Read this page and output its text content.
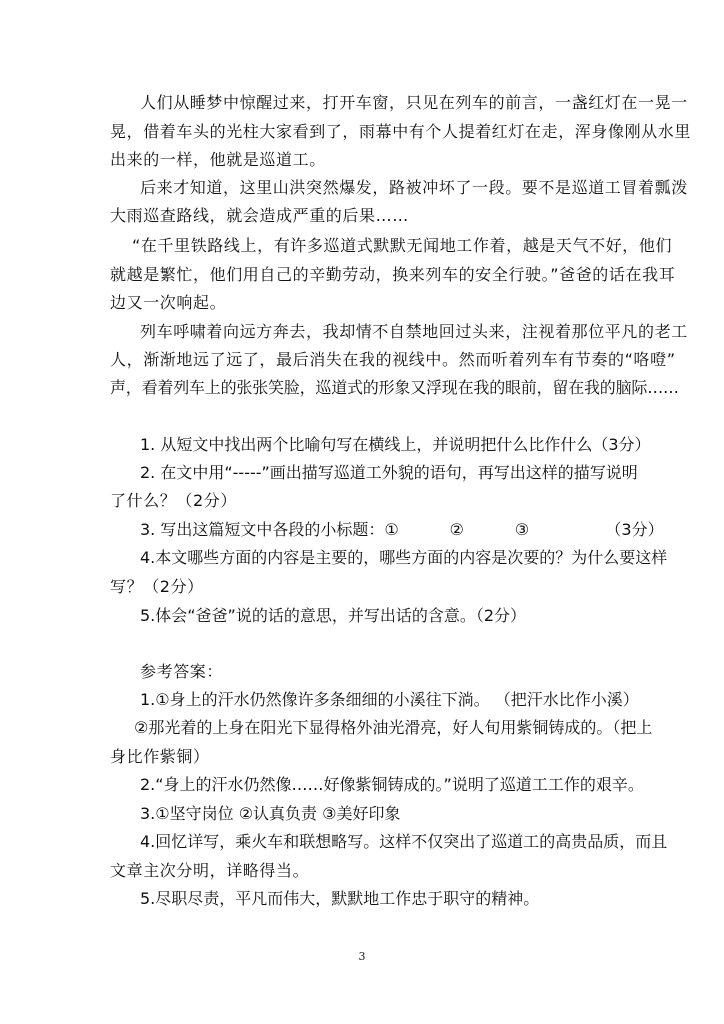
人们从睡梦中惊醒过来，打开车窗，只见在列车的前言，一盏红灯在一晃一
晃，借着车头的光柱大家看到了，雨幕中有个人提着红灯在走，浑身像刚从水里
出来的一样，他就是巡道工。
后来才知道，这里山洪突然爆发，路被冲坏了一段。要不是巡道工冒着瓢泼
大雨巡查路线，就会造成严重的后果……
“在千里铁路线上，有许多巡道式默默无闻地工作着，越是天气不好，他们
就越是繁忙，他们用自己的辛勤劳动，换来列车的安全行驶。”爸爸的话在我耳
边又一次响起。
列车呼啸着向远方奔去，我却情不自禁地回过头来，注视着那位平凡的老工
人，渐渐地远了远了，最后消失在我的视线中。然而听着列车有节奏的“咯噔”
声，看着列车上的张张笑脸，巡道式的形象又浮现在我的眼前，留在我的脑际……
1. 从短文中找出两个比喻句写在横线上，并说明把什么比作什么（3分）
2. 在文中用“-----”画出描写巡道工外貌的语句，再写出这样的描写说明
了什么？（2分）
3. 写出这篇短文中各段的小标题：①          ②          ③               （3分）
4.本文哪些方面的内容是主要的，哪些方面的内容是次要的？为什么要这样
写？（2分）
5.体会“爸爸”说的话的意思，并写出话的含意。（2分）
参考答案：
1.①身上的汗水仍然像许多条细细的小溪往下淌。 （把汗水比作小溪）
②那光着的上身在阳光下显得格外油光滑亮，好人旬用紫铜铸成的。（把上
身比作紫铜）
2.“身上的汗水仍然像……好像紫铜铸成的。”说明了巡道工工作的艰辛。
3.①坚守岗位 ②认真负责 ③美好印象
4.回忆详写，乘火车和联想略写。这样不仅突出了巡道工的高贵品质，而且
文章主次分明，详略得当。
5.尽职尽责，平凡而伟大，默默地工作忠于职守的精神。
3
